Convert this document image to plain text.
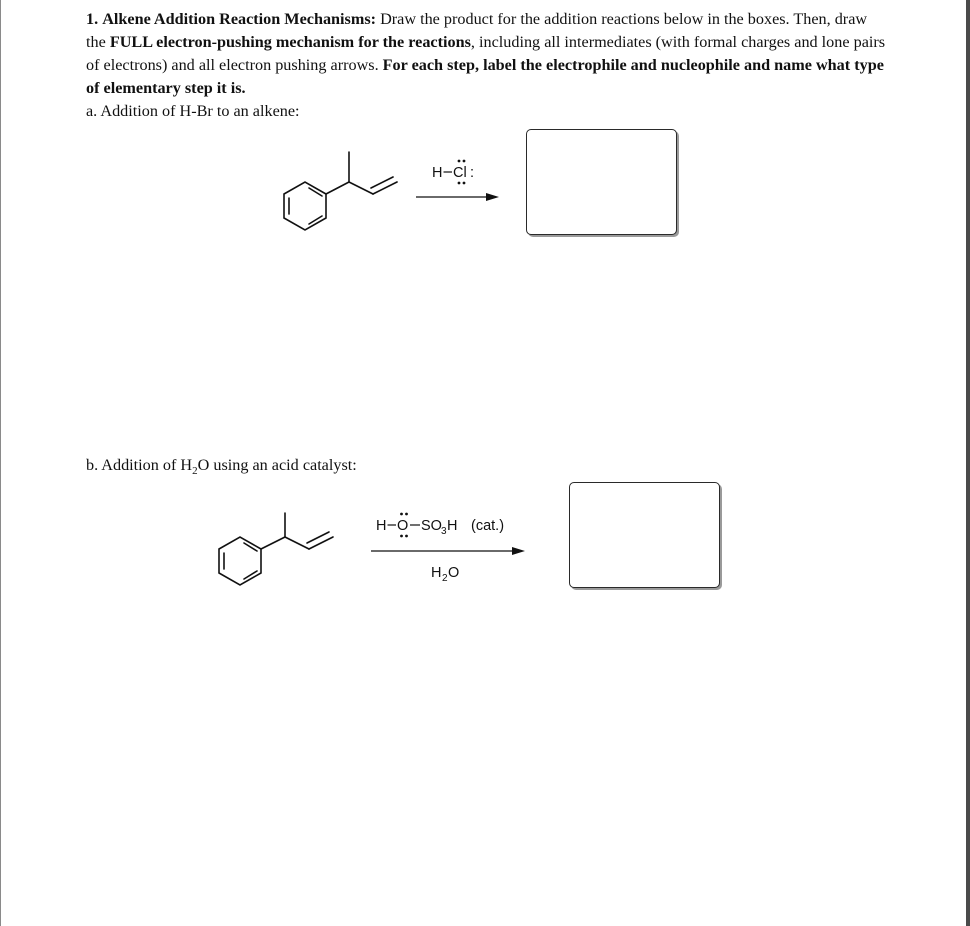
1. Alkene Addition Reaction Mechanisms: Draw the product for the addition reactions below in the boxes. Then, draw the FULL electron-pushing mechanism for the reactions, including all intermediates (with formal charges and lone pairs of electrons) and all electron pushing arrows. For each step, label the electrophile and nucleophile and name what type of elementary step it is.

a. Addition of H-Br to an alkene:
b. Addition of $H_2O$ using an acid catalyst:
H Cl :
H O SO 3 H (cat.)
H 2 O
